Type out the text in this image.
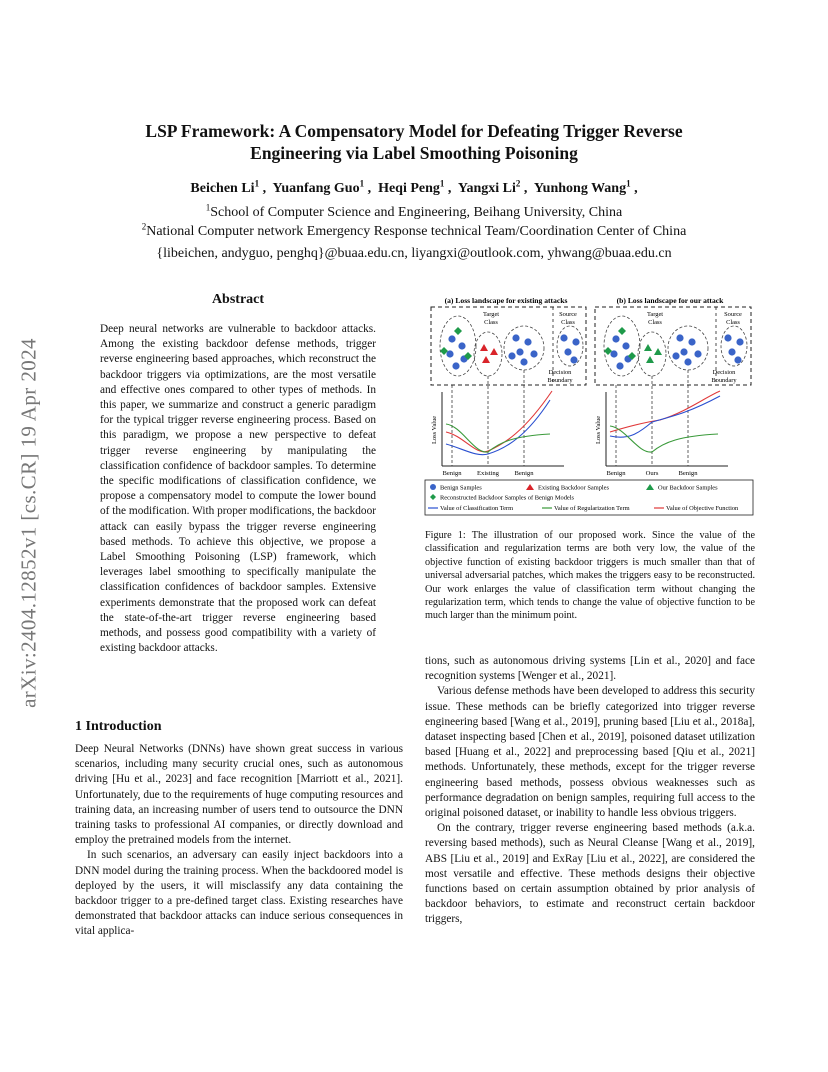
arXiv:2404.12852v1 [cs.CR] 19 Apr 2024
LSP Framework: A Compensatory Model for Defeating Trigger Reverse
Engineering via Label Smoothing Poisoning
Beichen Li$^1$ ,  Yuanfang Guo$^1$ ,  Heqi Peng$^1$ ,  Yangxi Li$^2$ ,  Yunhong Wang$^1$ ,
$^1$School of Computer Science and Engineering, Beihang University, China
$^2$National Computer network Emergency Response technical Team/Coordination Center of China
{libeichen, andyguo, penghq}@buaa.edu.cn, liyangxi@outlook.com, yhwang@buaa.edu.cn
Abstract

Deep neural networks are vulnerable to backdoor attacks. Among the existing backdoor defense methods, trigger reverse engineering based approaches, which reconstruct the backdoor triggers via optimizations, are the most versatile and effective ones compared to other types of methods. In this paper, we summarize and construct a generic paradigm for the typical trigger reverse engineering process. Based on this paradigm, we propose a new perspective to defeat trigger reverse engineering by manipulating the classification confidence of backdoor samples. To determine the specific modifications of classification confidence, we propose a compensatory model to compute the lower bound of the modification. With proper modifications, the backdoor attack can easily bypass the trigger reverse engineering based methods. To achieve this objective, we propose a Label Smoothing Poisoning (LSP) framework, which leverages label smoothing to specifically manipulate the classification confidences of backdoor samples. Extensive experiments demonstrate that the proposed work can defeat the state-of-the-art trigger reverse engineering based methods, and possess good compatibility with a variety of existing backdoor attacks.

1 Introduction

Deep Neural Networks (DNNs) have shown great success in various scenarios, including many security crucial ones, such as autonomous driving [Hu et al., 2023] and face recognition [Marriott et al., 2021]. Unfortunately, due to the requirements of huge computing resources and training data, an increasing number of users tend to outsource the DNN training tasks to professional AI companies, or directly download and employ the pretrained models from the internet.

In such scenarios, an adversary can easily inject backdoors into a DNN model during the training process. When the backdoored model is deployed by the users, it will misclassify any data containing the backdoor trigger to a pre-defined target class. Existing researches have demonstrated that backdoor attacks can induce serious consequences in vital applica-

(a) Loss landscape for existing attacks	(b) Loss landscape for our attack
Target
Class
Source
Class
Target
Class
Source
Class
Decision
Boundary
Decision
Boundary
Loss Value	Loss Value
Benign Existing Benign	Benign	Ours	Benign
Benign Samples	Existing Backdoor Samples	Our Backdoor Samples
Reconstructed Backdoor Samples of Benign Models
Value of Classification Term	Value of Regularization Term	Value of Objective Function
Figure 1: The illustration of our proposed work. Since the value of the classification and regularization terms are both very low, the value of the objective function of existing backdoor triggers is much smaller than that of universal adversarial patches, which makes the triggers easy to be reconstructed. Our work enlarges the value of classification term without changing the regularization term, which tends to change the value of objective function to be much larger than the minimum point.

tions, such as autonomous driving systems [Lin et al., 2020] and face recognition systems [Wenger et al., 2021].

Various defense methods have been developed to address this security issue. These methods can be briefly categorized into trigger reverse engineering based [Wang et al., 2019], pruning based [Liu et al., 2018a], dataset inspecting based [Chen et al., 2019], poisoned dataset utilization based [Huang et al., 2022] and preprocessing based [Qiu et al., 2021] methods. Unfortunately, these methods, except for the trigger reverse engineering based methods, possess obvious weaknesses such as performance degradation on benign samples, requiring full access to the original poisoned dataset, or inability to handle less obvious triggers.

On the contrary, trigger reverse engineering based methods (a.k.a. reversing based methods), such as Neural Cleanse [Wang et al., 2019], ABS [Liu et al., 2019] and ExRay [Liu et al., 2022], are considered the most versatile and effective. These methods designs their objective functions based on certain assumption obtained by prior analysis of backdoor behaviors, to estimate and reconstruct certain backdoor triggers,
